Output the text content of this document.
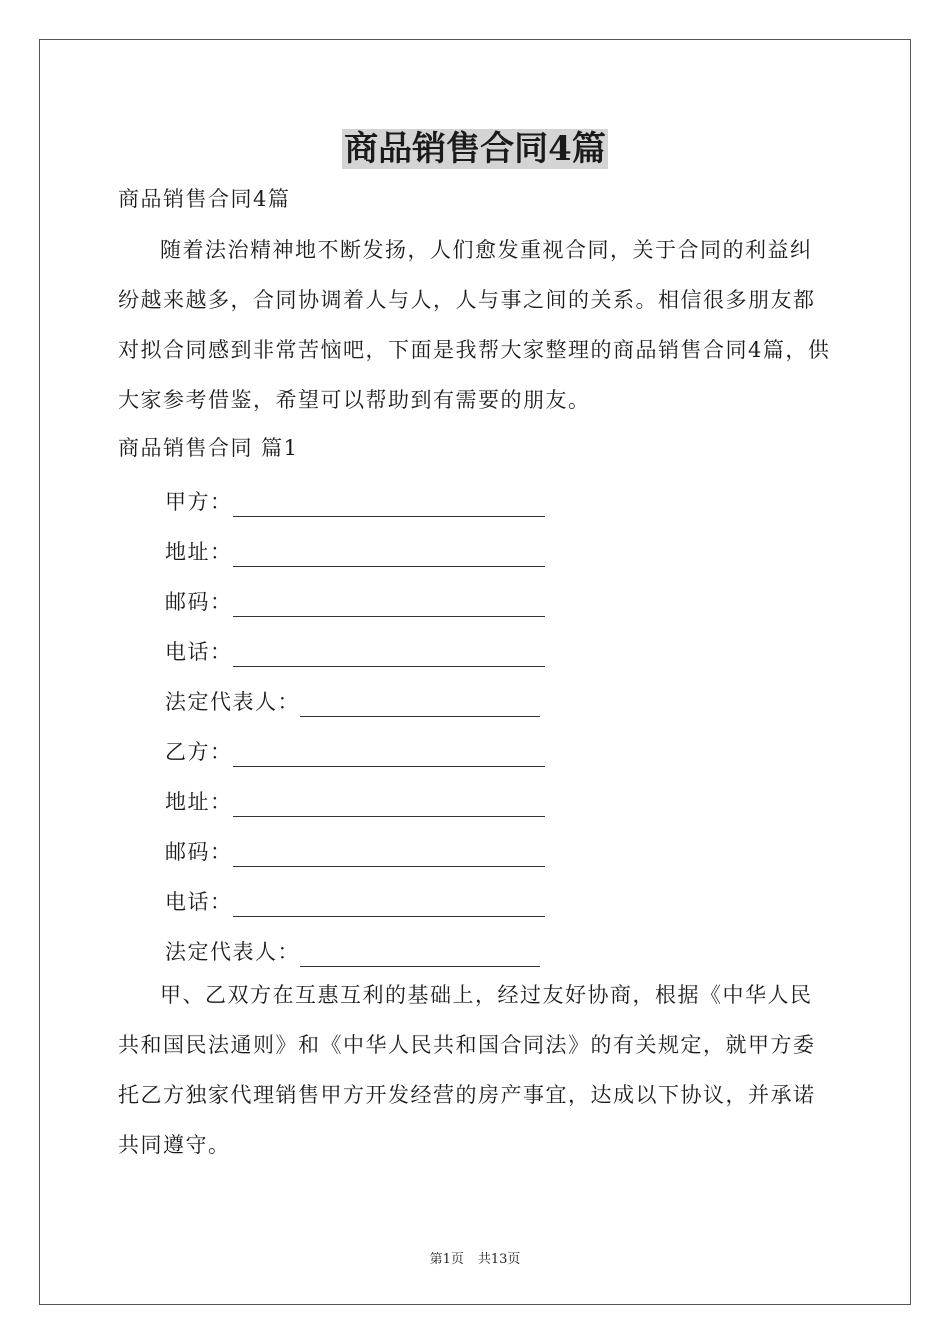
商品销售合同4篇

商品销售合同4篇

随着法治精神地不断发扬，人们愈发重视合同，关于合同的利益纠纷越来越多，合同协调着人与人，人与事之间的关系。相信很多朋友都对拟合同感到非常苦恼吧，下面是我帮大家整理的商品销售合同4篇，供大家参考借鉴，希望可以帮助到有需要的朋友。

商品销售合同 篇1

甲方：
地址：
邮码：
电话：
法定代表人：
乙方：
地址：
邮码：
电话：
法定代表人：

甲、乙双方在互惠互利的基础上，经过友好协商，根据《中华人民共和国民法通则》和《中华人民共和国合同法》的有关规定，就甲方委托乙方独家代理销售甲方开发经营的房产事宜，达成以下协议，并承诺共同遵守。

第1页 共13页
